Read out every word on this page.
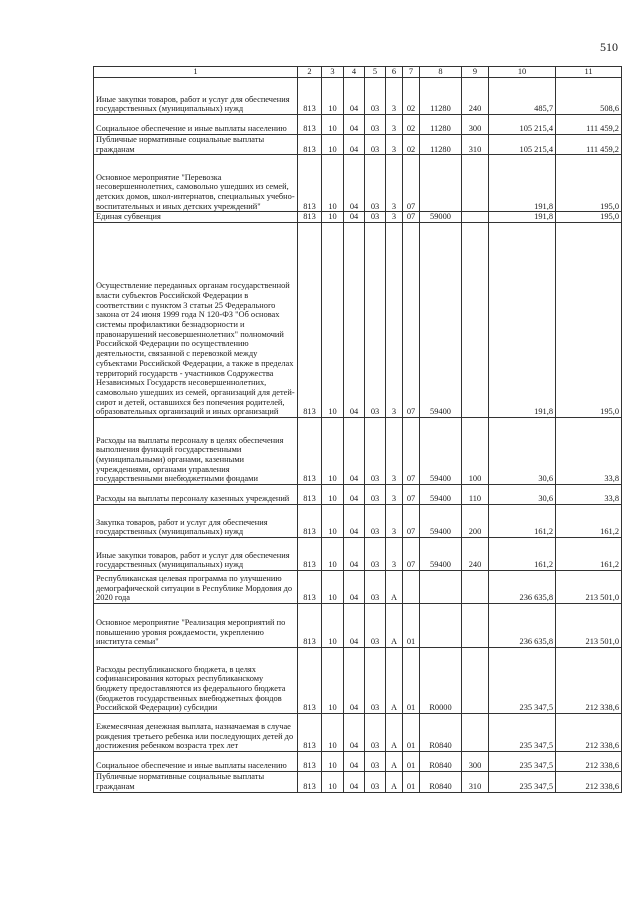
510
1	2	3	4	5	6	7	8	9	10	11
Иные закупки товаров, работ и услуг для обеспечения государственных (муниципальных) нужд	813	10	04	03	3	02	11280	240	485,7	508,6
Социальное обеспечение и иные выплаты населению	813	10	04	03	3	02	11280	300	105 215,4	111 459,2
Публичные нормативные социальные выплаты гражданам	813	10	04	03	3	02	11280	310	105 215,4	111 459,2
Основное мероприятие "Перевозка несовершеннолетних, самовольно ушедших из семей, детских домов, школ-интернатов, специальных учебно-воспитательных и иных детских учреждений"	813	10	04	03	3	07			191,8	195,0
Единая субвенция	813	10	04	03	3	07	59000		191,8	195,0
Осуществление переданных органам государственной власти субъектов Российской Федерации в соответствии с пунктом 3 статьи 25 Федерального закона от 24 июня 1999 года N 120-ФЗ "Об основах системы профилактики безнадзорности и правонарушений несовершеннолетних" полномочий Российской Федерации по осуществлению деятельности, связанной с перевозкой между субъектами Российской Федерации, а также в пределах территорий государств - участников Содружества Независимых Государств несовершеннолетних, самовольно ушедших из семей, организаций для детей-сирот и детей, оставшихся без попечения родителей, образовательных организаций и иных организаций	813	10	04	03	3	07	59400		191,8	195,0
Расходы на выплаты персоналу в целях обеспечения выполнения функций государственными (муниципальными) органами, казенными учреждениями, органами управления государственными внебюджетными фондами	813	10	04	03	3	07	59400	100	30,6	33,8
Расходы на выплаты персоналу казенных учреждений	813	10	04	03	3	07	59400	110	30,6	33,8
Закупка товаров, работ и услуг для обеспечения государственных (муниципальных) нужд	813	10	04	03	3	07	59400	200	161,2	161,2
Иные закупки товаров, работ и услуг для обеспечения государственных (муниципальных) нужд	813	10	04	03	3	07	59400	240	161,2	161,2
Республиканская целевая программа по улучшению демографической ситуации в Республике Мордовия до 2020 года	813	10	04	03	А				236 635,8	213 501,0
Основное мероприятие "Реализация мероприятий по повышению уровня рождаемости, укреплению института семьи"	813	10	04	03	А	01			236 635,8	213 501,0
Расходы республиканского бюджета, в целях софинансирования которых республиканскому бюджету предоставляются из федерального бюджета (бюджетов государственных внебюджетных фондов Российской Федерации) субсидии	813	10	04	03	А	01	R0000		235 347,5	212 338,6
Ежемесячная денежная выплата, назначаемая в случае рождения третьего ребенка или последующих детей до достижения ребенком возраста трех лет	813	10	04	03	А	01	R0840		235 347,5	212 338,6
Социальное обеспечение и иные выплаты населению	813	10	04	03	А	01	R0840	300	235 347,5	212 338,6
Публичные нормативные социальные выплаты гражданам	813	10	04	03	А	01	R0840	310	235 347,5	212 338,6
